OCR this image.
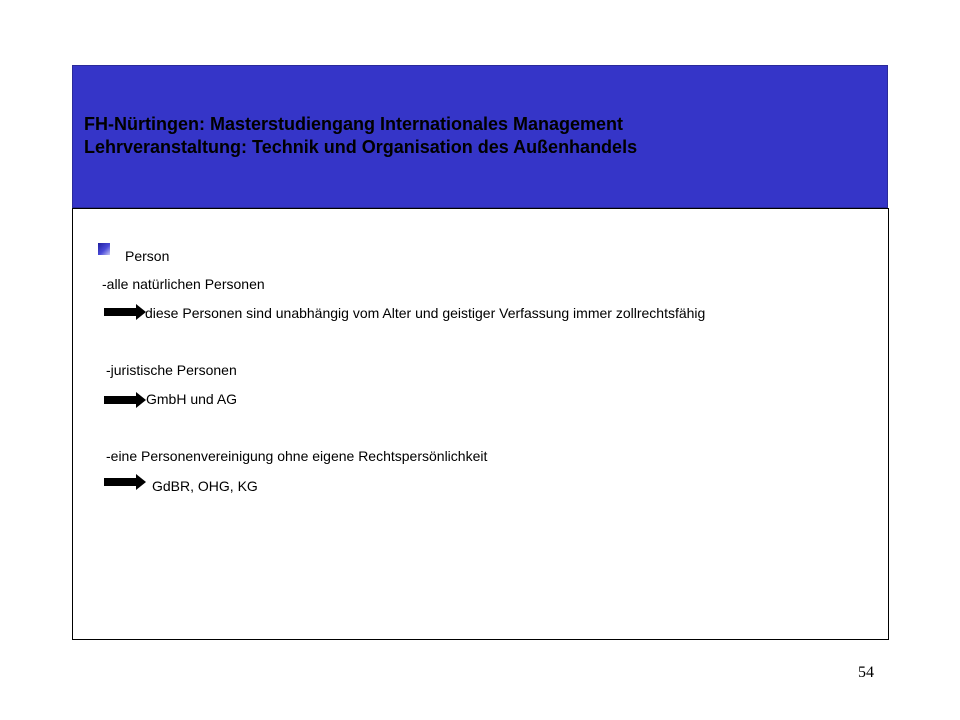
FH-Nürtingen: Masterstudiengang Internationales Management
Lehrveranstaltung: Technik und Organisation des Außenhandels
Person
-alle natürlichen Personen
diese Personen sind unabhängig vom Alter und geistiger Verfassung immer zollrechtsfähig
-juristische Personen
GmbH und AG
-eine Personenvereinigung ohne eigene Rechtspersönlichkeit
GdBR, OHG, KG
54
